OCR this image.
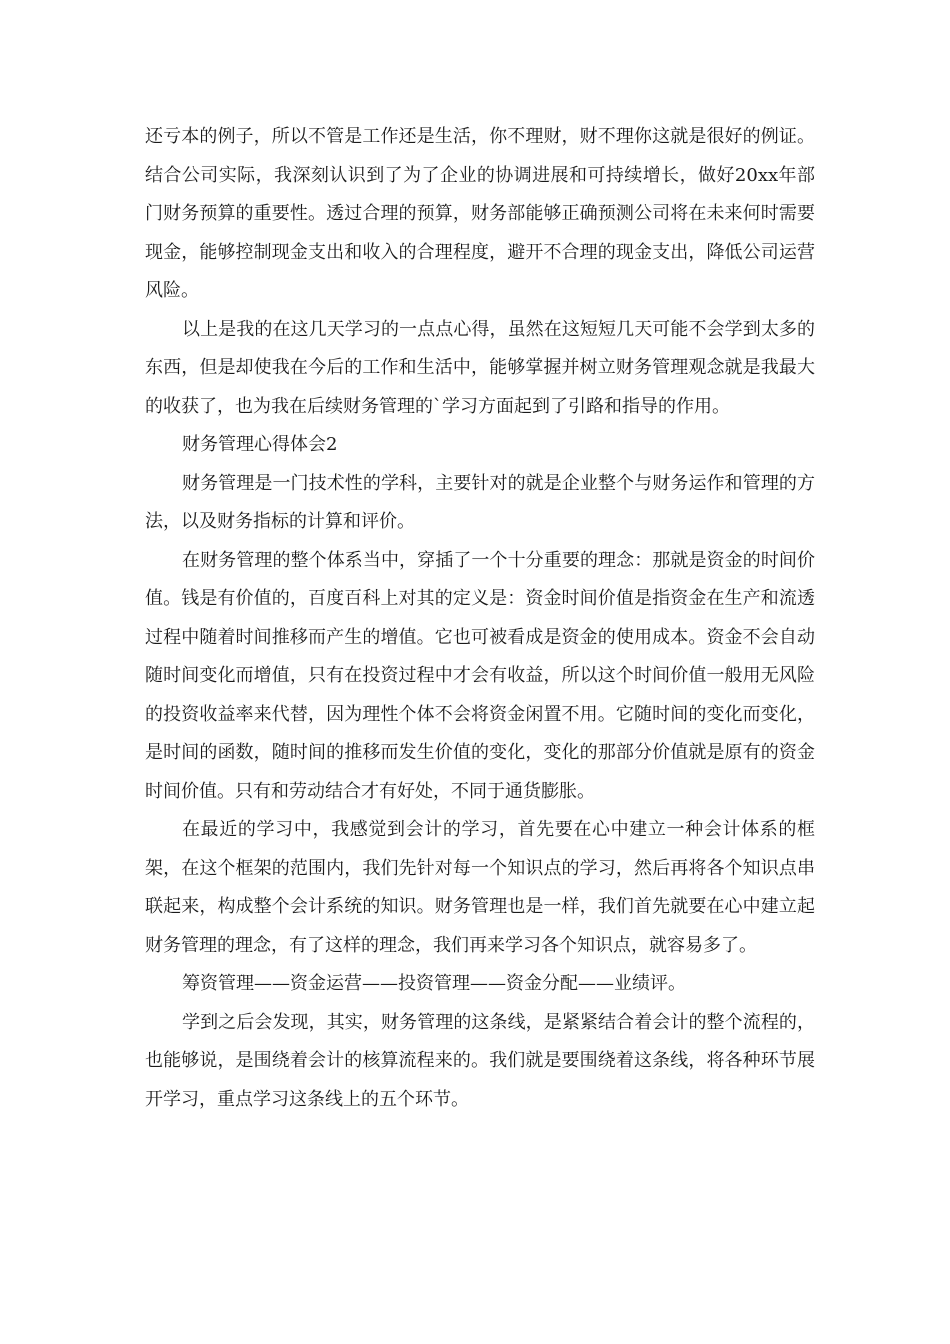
还亏本的例子，所以不管是工作还是生活，你不理财，财不理你这就是很好的例证。结合公司实际，我深刻认识到了为了企业的协调进展和可持续增长，做好20xx年部门财务预算的重要性。透过合理的预算，财务部能够正确预测公司将在未来何时需要现金，能够控制现金支出和收入的合理程度，避开不合理的现金支出，降低公司运营风险。

以上是我的在这几天学习的一点点心得，虽然在这短短几天可能不会学到太多的东西，但是却使我在今后的工作和生活中，能够掌握并树立财务管理观念就是我最大的收获了，也为我在后续财务管理的`学习方面起到了引路和指导的作用。

财务管理心得体会2

财务管理是一门技术性的学科，主要针对的就是企业整个与财务运作和管理的方法，以及财务指标的计算和评价。

在财务管理的整个体系当中，穿插了一个十分重要的理念：那就是资金的时间价值。钱是有价值的，百度百科上对其的定义是：资金时间价值是指资金在生产和流透过程中随着时间推移而产生的增值。它也可被看成是资金的使用成本。资金不会自动随时间变化而增值，只有在投资过程中才会有收益，所以这个时间价值一般用无风险的投资收益率来代替，因为理性个体不会将资金闲置不用。它随时间的变化而变化，是时间的函数，随时间的推移而发生价值的变化，变化的那部分价值就是原有的资金时间价值。只有和劳动结合才有好处，不同于通货膨胀。

在最近的学习中，我感觉到会计的学习，首先要在心中建立一种会计体系的框架，在这个框架的范围内，我们先针对每一个知识点的学习，然后再将各个知识点串联起来，构成整个会计系统的知识。财务管理也是一样，我们首先就要在心中建立起财务管理的理念，有了这样的理念，我们再来学习各个知识点，就容易多了。

筹资管理——资金运营——投资管理——资金分配——业绩评。

学到之后会发现，其实，财务管理的这条线，是紧紧结合着会计的整个流程的，也能够说，是围绕着会计的核算流程来的。我们就是要围绕着这条线，将各种环节展开学习，重点学习这条线上的五个环节。
